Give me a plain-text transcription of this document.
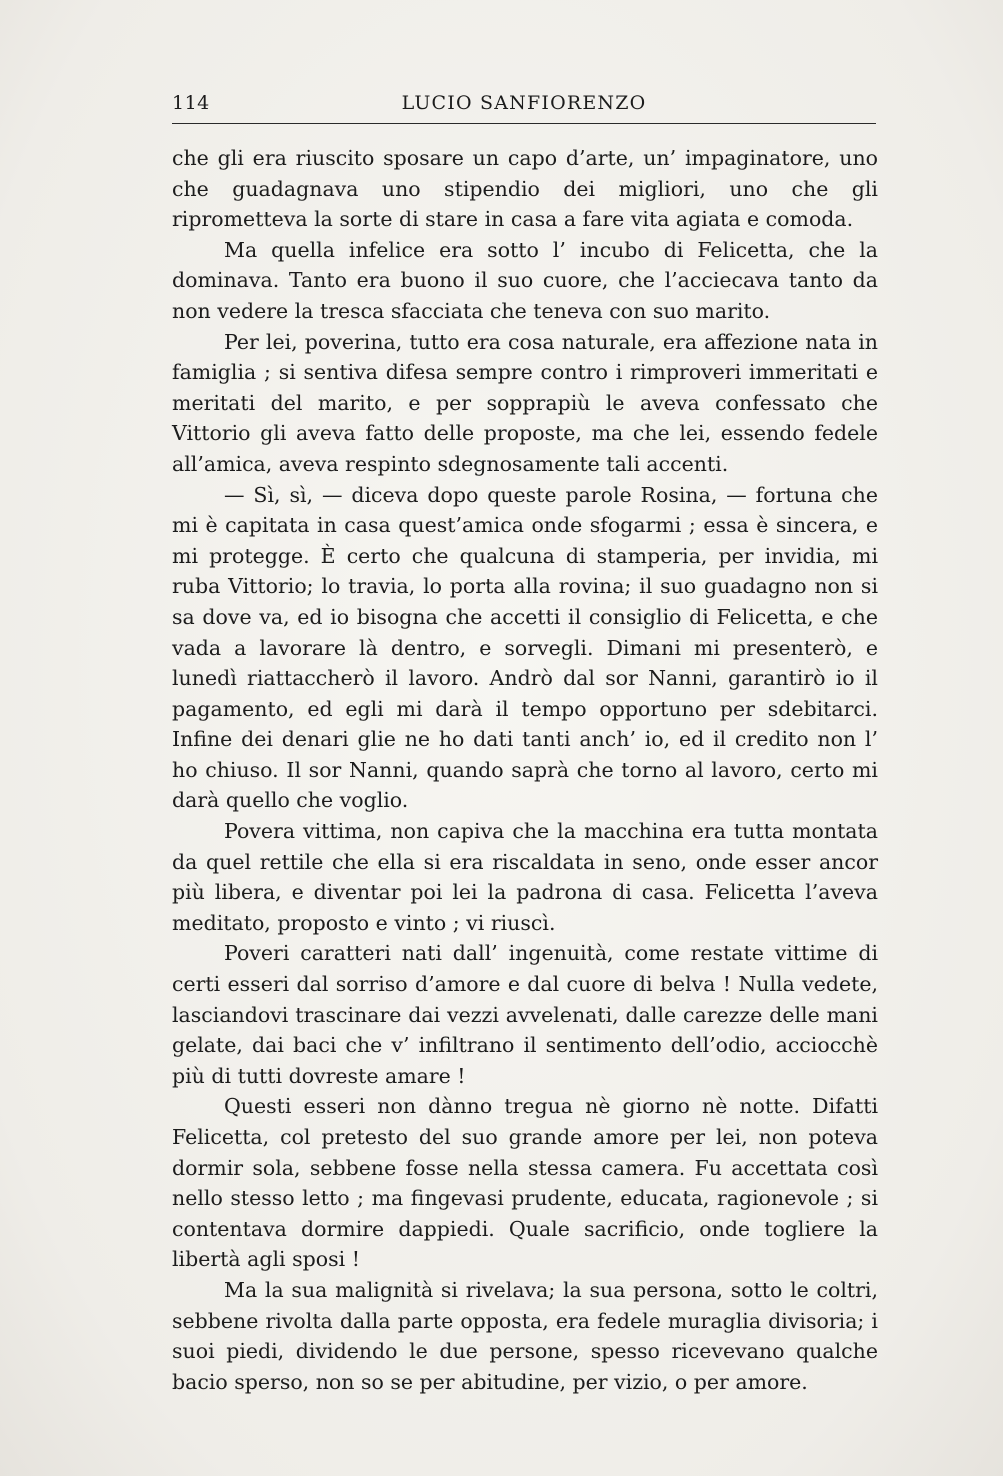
114	LUCIO SANFIORENZO

che gli era riuscito sposare un capo d’arte, un’ impaginatore, uno che guadagnava uno stipendio dei migliori, uno che gli riprometteva la sorte di stare in casa a fare vita agiata e comoda.

Ma quella infelice era sotto l’ incubo di Felicetta, che la dominava. Tanto era buono il suo cuore, che l’acciecava tanto da non vedere la tresca sfacciata che teneva con suo marito.

Per lei, poverina, tutto era cosa naturale, era affezione nata in famiglia ; si sentiva difesa sempre contro i rimproveri immeritati e meritati del marito, e per soppraрiù le aveva confessato che Vittorio gli aveva fatto delle proposte, ma che lei, essendo fedele all’amica, aveva respinto sdegnosamente tali accenti.

— Sì, sì, — diceva dopo queste parole Rosina, — fortuna che mi è capitata in casa quest’amica onde sfogarmi ; essa è sincera, e mi protegge. È certo che qualcuna di stamperia, per invidia, mi ruba Vittorio; lo travia, lo porta alla rovina; il suo guadagno non si sa dove va, ed io bisogna che accetti il consiglio di Felicetta, e che vada a lavorare là dentro, e sorvegli. Dimani mi presenterò, e lunedì riattaccherò il lavoro. Andrò dal sor Nanni, garantirò io il pagamento, ed egli mi darà il tempo opportuno per sdebitarci. Infine dei denari glie ne ho dati tanti anch’ io, ed il credito non l’ ho chiuso. Il sor Nanni, quando saprà che torno al lavoro, certo mi darà quello che voglio.

Povera vittima, non capiva che la macchina era tutta montata da quel rettile che ella si era riscaldata in seno, onde esser ancor più libera, e diventar poi lei la padrona di casa. Felicetta l’aveva meditato, proposto e vinto ; vi riuscì.

Poveri caratteri nati dall’ ingenuità, come restate vittime di certi esseri dal sorriso d’amore e dal cuore di belva ! Nulla vedete, lasciandovi trascinare dai vezzi avvelenati, dalle carezze delle mani gelate, dai baci che v’ infiltrano il sentimento dell’odio, acciocchè più di tutti dovreste amare !

Questi esseri non dànno tregua nè giorno nè notte. Difatti Felicetta, col pretesto del suo grande amore per lei, non poteva dormir sola, sebbene fosse nella stessa camera. Fu accettata così nello stesso letto ; ma fingevasi prudente, educata, ragionevole ; si contentava dormire dappiedi. Quale sacrificio, onde togliere la libertà agli sposi !

Ma la sua malignità si rivelava; la sua persona, sotto le coltri, sebbene rivolta dalla parte opposta, era fedele muraglia divisoria; i suoi piedi, dividendo le due persone, spesso ricevevano qualche bacio sperso, non so se per abitudine, per vizio, o per amore.
